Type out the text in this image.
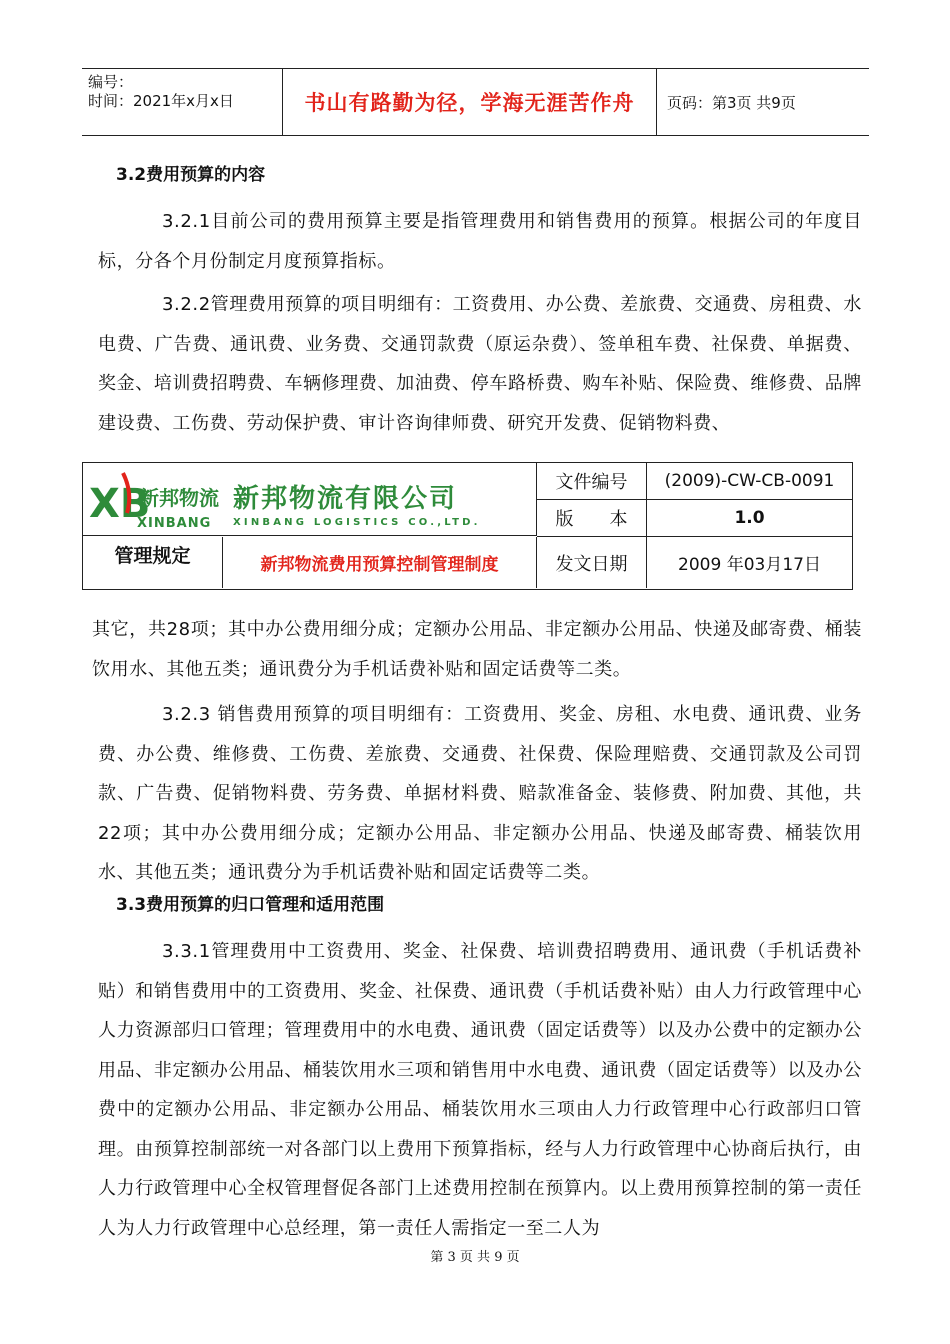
编号：
时间：2021年x月x日	书山有路勤为径，学海无涯苦作舟 页码：第3页 共9页
3.2费用预算的内容
3.2.1目前公司的费用预算主要是指管理费用和销售费用的预算。根据公司的年度目标，分各个月份制定月度预算指标。
3.2.2管理费用预算的项目明细有：工资费用、办公费、差旅费、交通费、房租费、水电费、广告费、通讯费、业务费、交通罚款费（原运杂费）、签单租车费、社保费、单据费、奖金、培训费招聘费、车辆修理费、加油费、停车路桥费、购车补贴、保险费、维修费、品牌建设费、工伤费、劳动保护费、审计咨询律师费、研究开发费、促销物料费、
XB
新邦物流
XINBANG
新邦物流有限公司
XINBANG LOGISTICS CO.,LTD.
文件编号	(2009)-CW-CB-0091
版　　本	1.0
管理规定	新邦物流费用预算控制管理制度	发文日期	2009 年03月17日
其它，共28项；其中办公费用细分成；定额办公用品、非定额办公用品、快递及邮寄费、桶装饮用水、其他五类；通讯费分为手机话费补贴和固定话费等二类。
3.2.3 销售费用预算的项目明细有：工资费用、奖金、房租、水电费、通讯费、业务费、办公费、维修费、工伤费、差旅费、交通费、社保费、保险理赔费、交通罚款及公司罚款、广告费、促销物料费、劳务费、单据材料费、赔款准备金、装修费、附加费、其他，共22项；其中办公费用细分成；定额办公用品、非定额办公用品、快递及邮寄费、桶装饮用水、其他五类；通讯费分为手机话费补贴和固定话费等二类。
3.3费用预算的归口管理和适用范围
3.3.1管理费用中工资费用、奖金、社保费、培训费招聘费用、通讯费（手机话费补贴）和销售费用中的工资费用、奖金、社保费、通讯费（手机话费补贴）由人力行政管理中心人力资源部归口管理；管理费用中的水电费、通讯费（固定话费等）以及办公费中的定额办公用品、非定额办公用品、桶装饮用水三项和销售用中水电费、通讯费（固定话费等）以及办公费中的定额办公用品、非定额办公用品、桶装饮用水三项由人力行政管理中心行政部归口管理。由预算控制部统一对各部门以上费用下预算指标，经与人力行政管理中心协商后执行，由人力行政管理中心全权管理督促各部门上述费用控制在预算内。以上费用预算控制的第一责任人为人力行政管理中心总经理，第一责任人需指定一至二人为
第 3 页 共 9 页
